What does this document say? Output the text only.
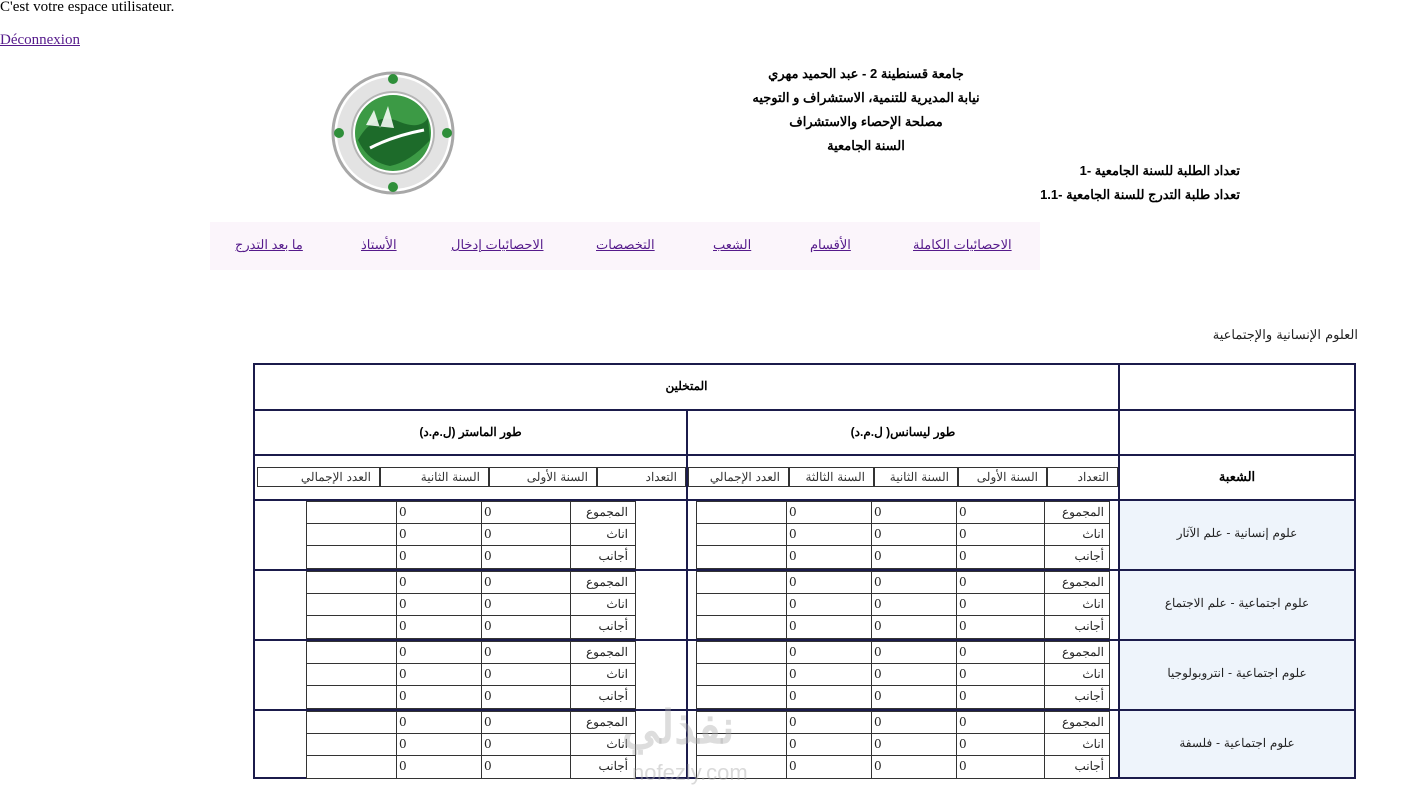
C'est votre espace utilisateur.
Déconnexion
جامعة قسنطينة 2 - عبد الحميد مهري
نيابة المديرية للتنمية، الاستشراف و التوجيه
مصلحة الإحصاء والاستشراف
السنة الجامعية
تعداد الطلبة للسنة الجامعية -1
تعداد طلبة التدرج للسنة الجامعية -1.1
الاحصائيات الكاملة
الأقسام
الشعب
التخصصات
الاحصائيات إدخال
الأستاذ
ما بعد التدرج
العلوم الإنسانية والإجتماعية
المتخلين
طور الماستر (ل.م.د)	طور ليسانس( ل.م.د)
الشعبة
التعداد
السنة الأولى
السنة الثانية
السنة الثالثة
العدد الإجمالي
التعداد
السنة الأولى
السنة الثانية
العدد الإجمالي
علوم إنسانية - علم الآثار
المجموع
0
0
0
اناث
0
0
0
أجانب
0
0
0
المجموع
0
0
اناث
0
0
أجانب
0
0
علوم اجتماعية - علم الاجتماع
المجموع
0
0
0
اناث
0
0
0
أجانب
0
0
0
المجموع
0
0
اناث
0
0
أجانب
0
0
علوم اجتماعية - انتروبولوجيا
المجموع
0
0
0
اناث
0
0
0
أجانب
0
0
0
المجموع
0
0
اناث
0
0
أجانب
0
0
علوم اجتماعية - فلسفة
المجموع
0
0
0
اناث
0
0
0
أجانب
0
0
0
المجموع
0
0
اناث
0
0
أجانب
0
0
نفذلي
nofezly.com
